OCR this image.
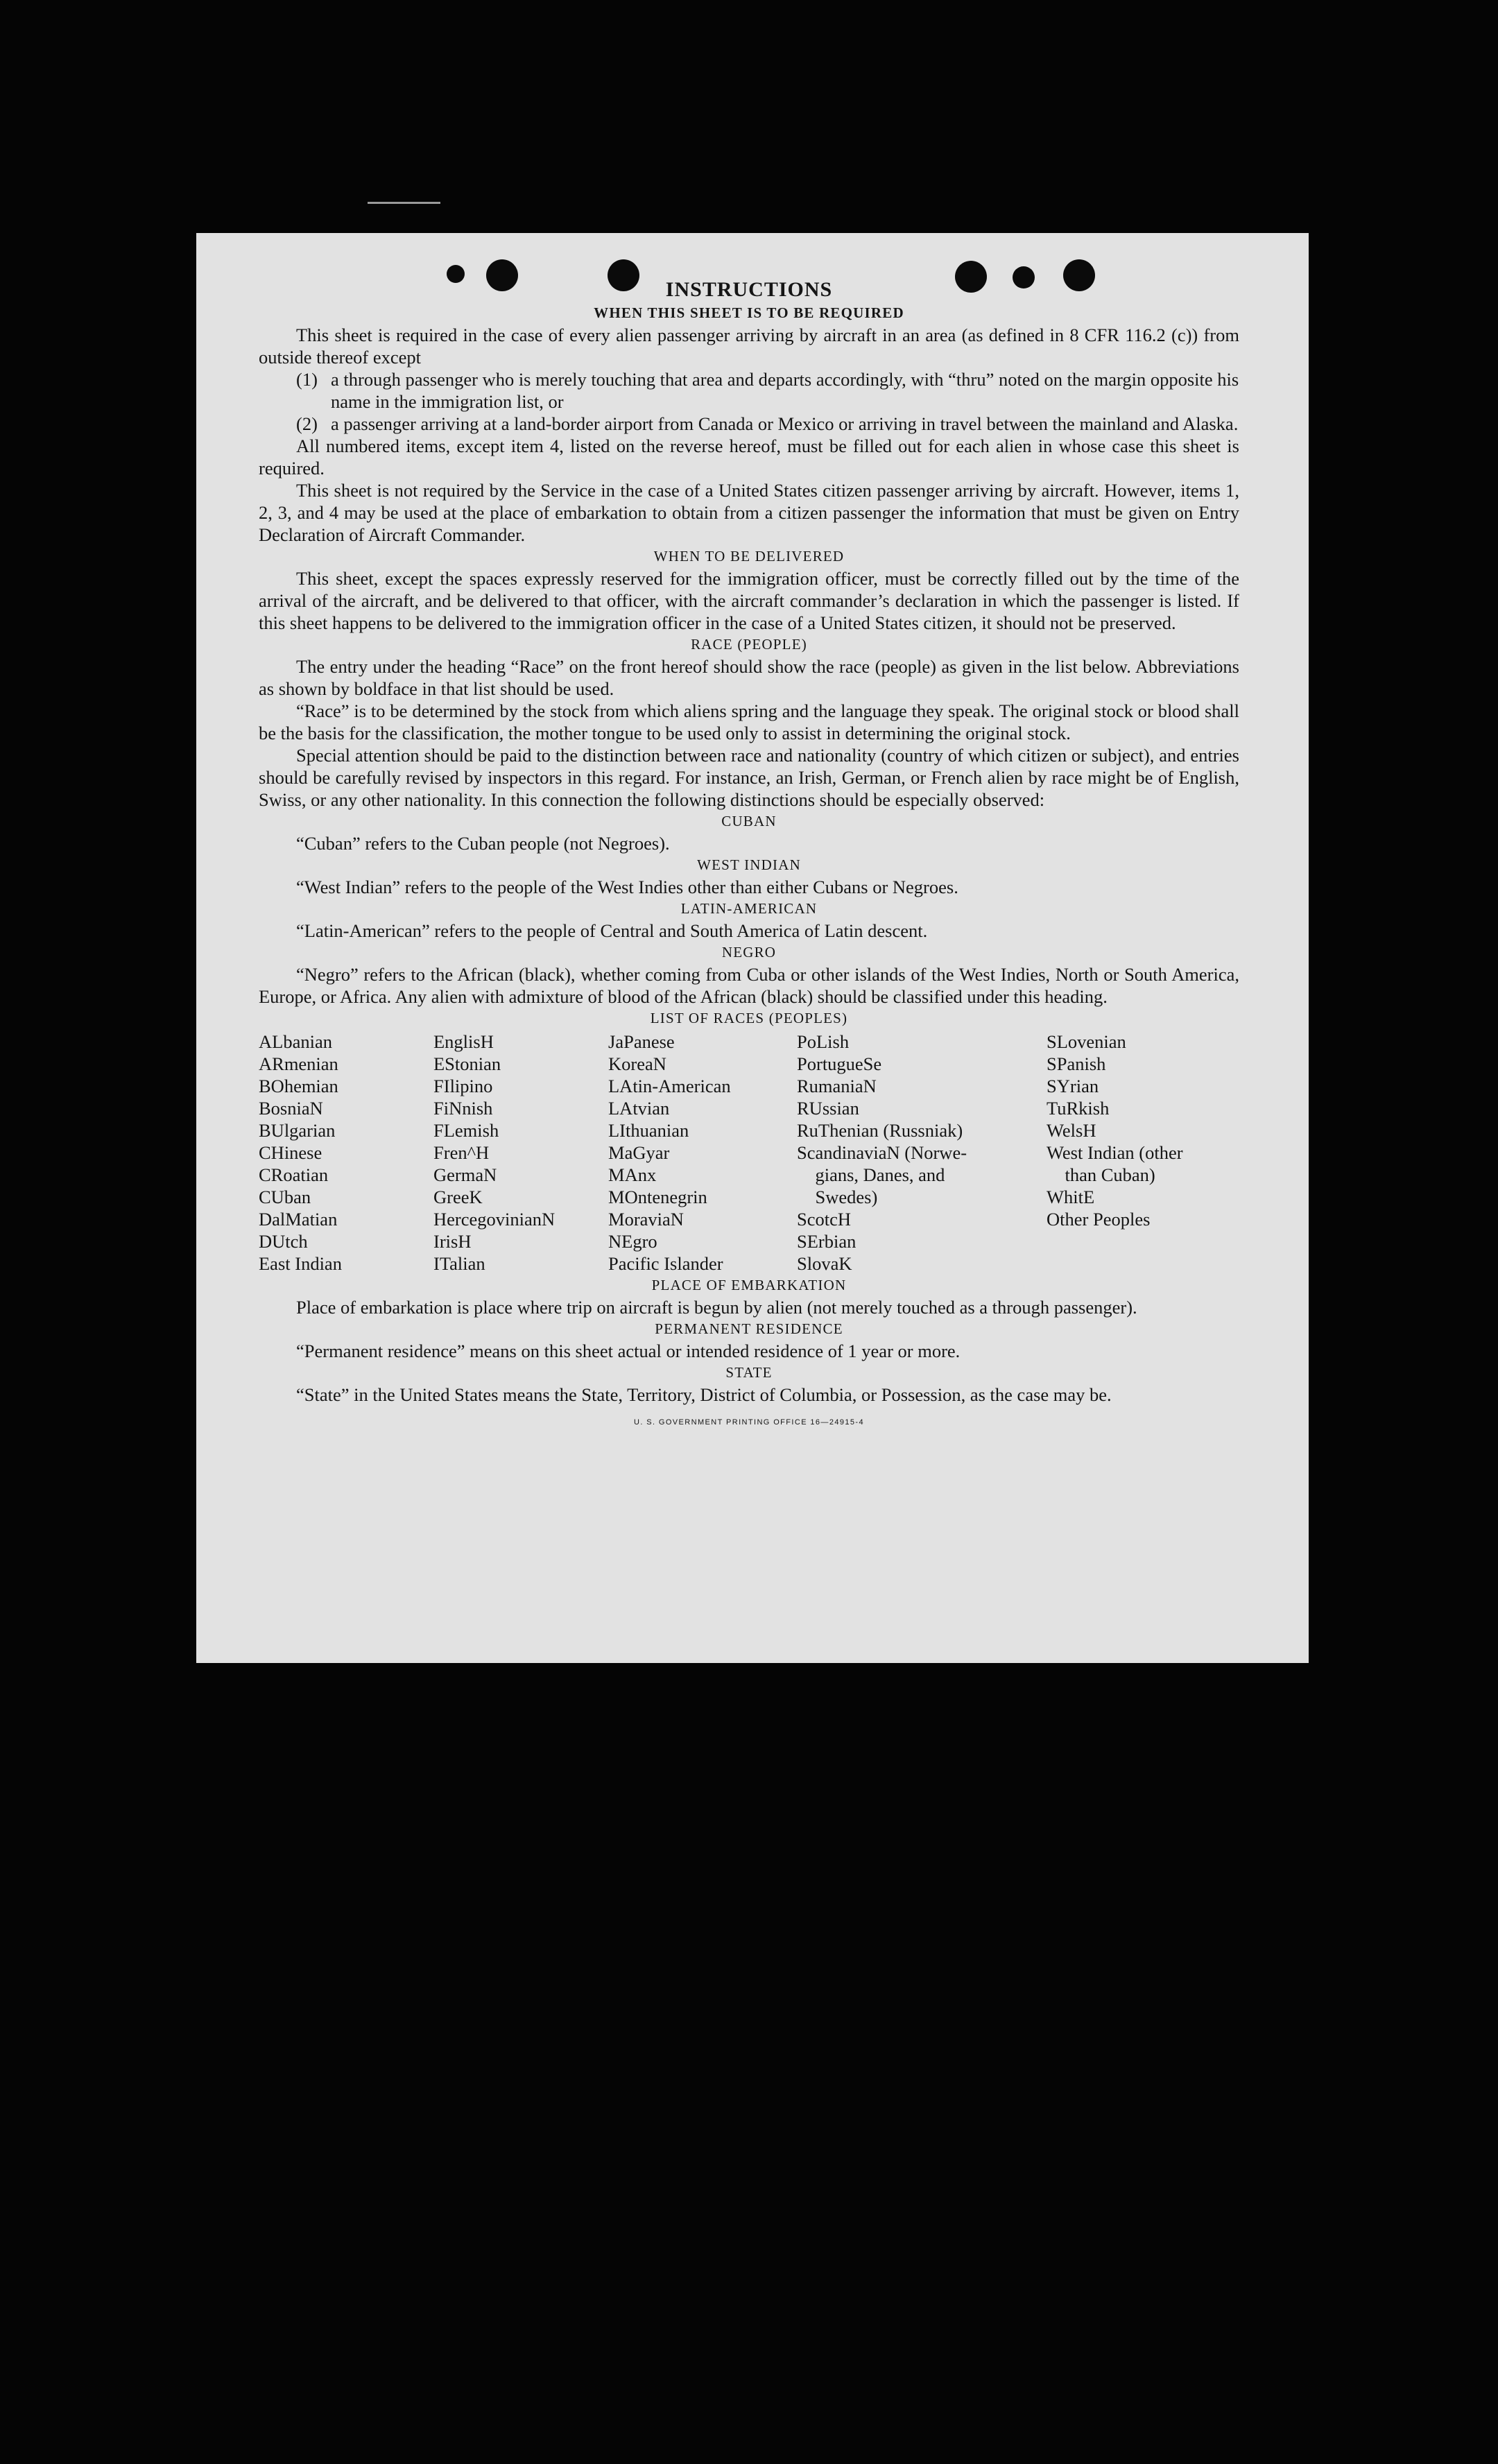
INSTRUCTIONS
WHEN THIS SHEET IS TO BE REQUIRED

This sheet is required in the case of every alien passenger arriving by aircraft in an area (as defined in 8 CFR 116.2 (c)) from outside thereof except

(1) a through passenger who is merely touching that area and departs accordingly, with “thru” noted on the margin opposite his name in the immigration list, or
(2) a passenger arriving at a land-border airport from Canada or Mexico or arriving in travel between the mainland and Alaska.

All numbered items, except item 4, listed on the reverse hereof, must be filled out for each alien in whose case this sheet is required.

This sheet is not required by the Service in the case of a United States citizen passenger arriving by aircraft. However, items 1, 2, 3, and 4 may be used at the place of embarkation to obtain from a citizen passenger the information that must be given on Entry Declaration of Aircraft Commander.

WHEN TO BE DELIVERED

This sheet, except the spaces expressly reserved for the immigration officer, must be correctly filled out by the time of the arrival of the aircraft, and be delivered to that officer, with the aircraft commander’s declaration in which the passenger is listed. If this sheet happens to be delivered to the immigration officer in the case of a United States citizen, it should not be preserved.

RACE (PEOPLE)

The entry under the heading “Race” on the front hereof should show the race (people) as given in the list below. Abbreviations as shown by boldface in that list should be used.

“Race” is to be determined by the stock from which aliens spring and the language they speak. The original stock or blood shall be the basis for the classification, the mother tongue to be used only to assist in determining the original stock.

Special attention should be paid to the distinction between race and nationality (country of which citizen or subject), and entries should be carefully revised by inspectors in this regard. For instance, an Irish, German, or French alien by race might be of English, Swiss, or any other nationality. In this connection the following distinctions should be especially observed:

CUBAN

“Cuban” refers to the Cuban people (not Negroes).

WEST INDIAN

“West Indian” refers to the people of the West Indies other than either Cubans or Negroes.

LATIN-AMERICAN

“Latin-American” refers to the people of Central and South America of Latin descent.

NEGRO

“Negro” refers to the African (black), whether coming from Cuba or other islands of the West Indies, North or South America, Europe, or Africa. Any alien with admixture of blood of the African (black) should be classified under this heading.

LIST OF RACES (PEOPLES)
ALbanian
ARmenian
BOhemian
BosniaN
BUlgarian
CHinese
CRoatian
CUban
DalMatian
DUtch
East Indian
EnglisH
EStonian
FIlipino
FiNnish
FLemish
Fren^H
GermaN
GreeK
HercegovinianN
IrisH
ITalian
JaPanese
KoreaN
LAtin-American
LAtvian
LIthuanian
MaGyar
MAnx
MOntenegrin
MoraviaN
NEgro
Pacific Islander
PoLish
PortugueSe
RumaniaN
RUssian
RuThenian (Russniak)
ScandinaviaN (Norwe-
gians, Danes, and
Swedes)
ScotcH
SErbian
SlovaK
SLovenian
SPanish
SYrian
TuRkish
WelsH
West Indian (other
than Cuban)
WhitE
Other Peoples
PLACE OF EMBARKATION

Place of embarkation is place where trip on aircraft is begun by alien (not merely touched as a through passenger).

PERMANENT RESIDENCE

“Permanent residence” means on this sheet actual or intended residence of 1 year or more.

STATE

“State” in the United States means the State, Territory, District of Columbia, or Possession, as the case may be.

U. S. GOVERNMENT PRINTING OFFICE 16—24915-4
